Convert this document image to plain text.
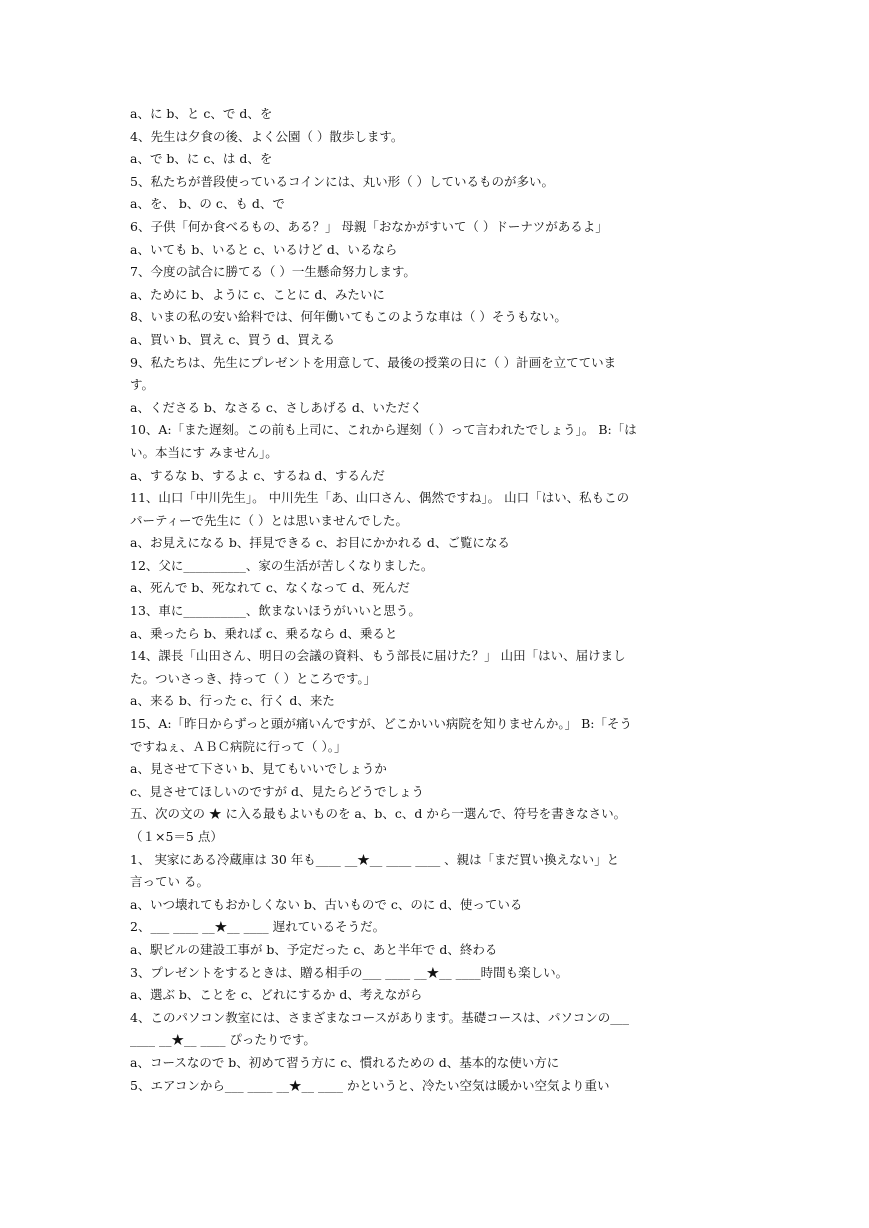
a、に b、と c、で d、を
4、先生は夕食の後、よく公園（ ）散歩します。
a、で b、に c、は d、を
5、私たちが普段使っているコインには、丸い形（ ）しているものが多い。
a、を、 b、の c、も d、で
6、子供「何か食べるもの、ある？」 母親「おなかがすいて（ ）ドーナツがあるよ」
a、いても b、いると c、いるけど d、いるなら
7、今度の試合に勝てる（ ）一生懸命努力します。
a、ために b、ように c、ことに d、みたいに
8、いまの私の安い給料では、何年働いてもこのような車は（ ）そうもない。
a、買い b、買え c、買う d、買える
9、私たちは、先生にプレゼントを用意して、最後の授業の日に（ ）計画を立てていま
す。
a、くださる b、なさる c、さしあげる d、いただく
10、A:「また遅刻。この前も上司に、これから遅刻（ ）って言われたでしょう」。 B:「は
い。本当にす みません」。
a、するな b、するよ c、するね d、するんだ
11、山口「中川先生」。 中川先生「あ、山口さん、偶然ですね」。 山口「はい、私もこの
パーティーで先生に（ ）とは思いませんでした。
a、お見えになる b、拝見できる c、お目にかかれる d、ご覧になる
12、父に__________、家の生活が苦しくなりました。
a、死んで b、死なれて c、なくなって d、死んだ
13、車に__________、飲まないほうがいいと思う。
a、乗ったら b、乗れば c、乗るなら d、乗ると
14、課長「山田さん、明日の会議の資料、もう部長に届けた？」 山田「はい、届けまし
た。ついさっき、持って（ ）ところです。」
a、来る b、行った c、行く d、来た
15、A:「昨日からずっと頭が痛いんですが、どこかいい病院を知りませんか。」 B:「そう
ですねぇ、ＡＢＣ病院に行って（ ）。」
a、見させて下さい b、見てもいいでしょうか
c、見させてほしいのですが d、見たらどうでしょう
五、次の文の ★ に入る最もよいものを a、b、c、d から一選んで、符号を書きなさい。
（１×5＝5 点）
1、 実家にある冷蔵庫は 30 年も____ __★__ ____ ____ 、親は「まだ買い換えない」と
言ってい る。
a、いつ壊れてもおかしくない b、古いもので c、のに d、使っている
2、___ ____ __★__ ____ 遅れているそうだ。
a、駅ビルの建設工事が b、予定だった c、あと半年で d、終わる
3、プレゼントをするときは、贈る相手の___ ____ __★__ ____時間も楽しい。
a、選ぶ b、ことを c、どれにするか d、考えながら
4、このパソコン教室には、さまざまなコースがあります。基礎コースは、パソコンの___
____ __★__ ____ ぴったりです。
a、コースなので b、初めて習う方に c、慣れるための d、基本的な使い方に
5、エアコンから___ ____ __★__ ____ かというと、冷たい空気は暖かい空気より重い
